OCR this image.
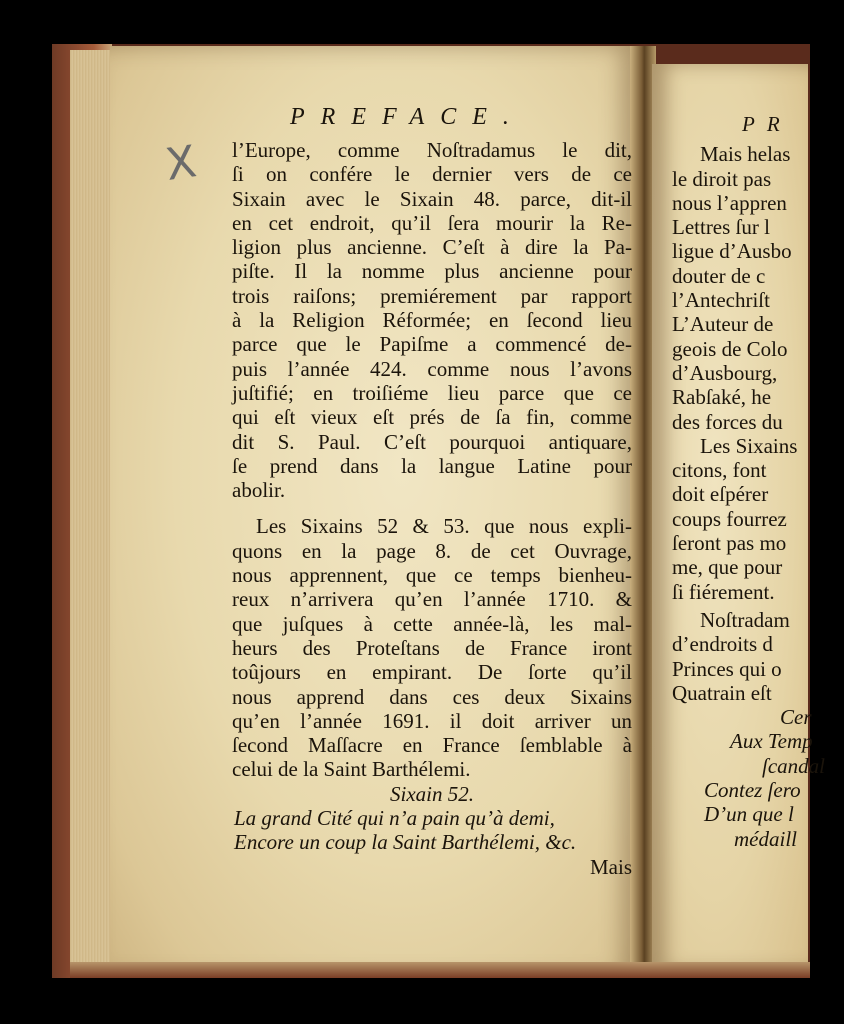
PREFACE.
X l’Europe, comme Noſtradamus le dit,
ſi on confére le dernier vers de ce
Sixain avec le Sixain 48. parce, dit-il
en cet endroit, qu’il ſera mourir la Re-
ligion plus ancienne. C’eſt à dire la Pa-
piſte. Il la nomme plus ancienne pour
trois raiſons; premiérement par rapport
à la Religion Réformée; en ſecond lieu
parce que le Papiſme a commencé de-
puis l’année 424. comme nous l’avons
juſtifié; en troiſiéme lieu parce que ce
qui eſt vieux eſt prés de ſa fin, comme
dit S. Paul. C’eſt pourquoi antiquare,
ſe prend dans la langue Latine pour
abolir.
Les Sixains 52 & 53. que nous expli-
quons en la page 8. de cet Ouvrage,
nous apprennent, que ce temps bienheu-
reux n’arrivera qu’en l’année 1710. &
que juſques à cette année-là, les mal-
heurs des Proteſtans de France iront
toûjours en empirant. De ſorte qu’il
nous apprend dans ces deux Sixains
qu’en l’année 1691. il doit arriver un
ſecond Maſſacre en France ſemblable à
celui de la Saint Barthélemi.
Sixain 52.
La grand Cité qui n’a pain qu’à demi,
Encore un coup la Saint Barthélemi, &c.
Mais
PR
Mais helas
le diroit pas
nous l’appren
Lettres ſur l
ligue d’Ausbo
douter de c
l’Antechriſt
L’Auteur de
geois de Colo
d’Ausbourg,
Rabſaké, he
des forces du
Les Sixains
citons, font
doit eſpérer
coups fourrez
ſeront pas mo
me, que pour
ſi fiérement.
Noſtradam
d’endroits d
Princes qui o
Quatrain eſt
Cer
Aux Temp
ſcandal
Contez ſero
D’un que l
médaill
